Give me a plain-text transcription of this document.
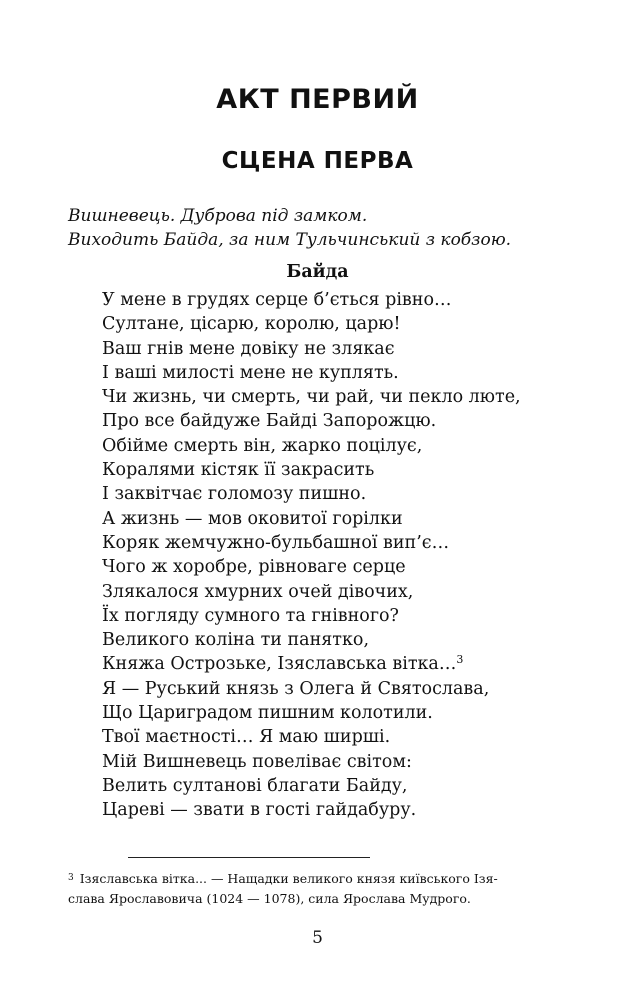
АКТ ПЕРВИЙ
СЦЕНА ПЕРВА
Вишневець. Дуброва під замком.
Виходить Байда, за ним Тульчинський з кобзою.
Байда
У мене в грудях серце б’ється рівно…
Султане, цісарю, королю, царю!
Ваш гнів мене довіку не злякає
І ваші милості мене не куплять.
Чи жизнь, чи смерть, чи рай, чи пекло люте,
Про все байдуже Байді Запорожцю.
Обійме смерть він, жарко поцілує,
Коралями кістяк її закрасить
І заквітчає голомозу пишно.
А жизнь — мов оковитої горілки
Коряк жемчужно-бульбашної вип’є…
Чого ж хоробре, рівноваге серце
Злякалося хмурних очей дівочих,
Їх погляду сумного та гнівного?
Великого коліна ти панятко,
Княжа Острозьке, Ізяславська вітка…$^3$
Я — Руський князь з Олега й Святослава,
Що Цариградом пишним колотили.
Твої маєтності… Я маю ширші.
Мій Вишневець повеліває світом:
Велить султанові благати Байду,
Цареві — звати в гості гайдабуру.
$^3$ Ізяславська вітка... — Нащадки великого князя київського Ізя-
слава Ярославовича (1024 — 1078), сила Ярослава Мудрого.
5
